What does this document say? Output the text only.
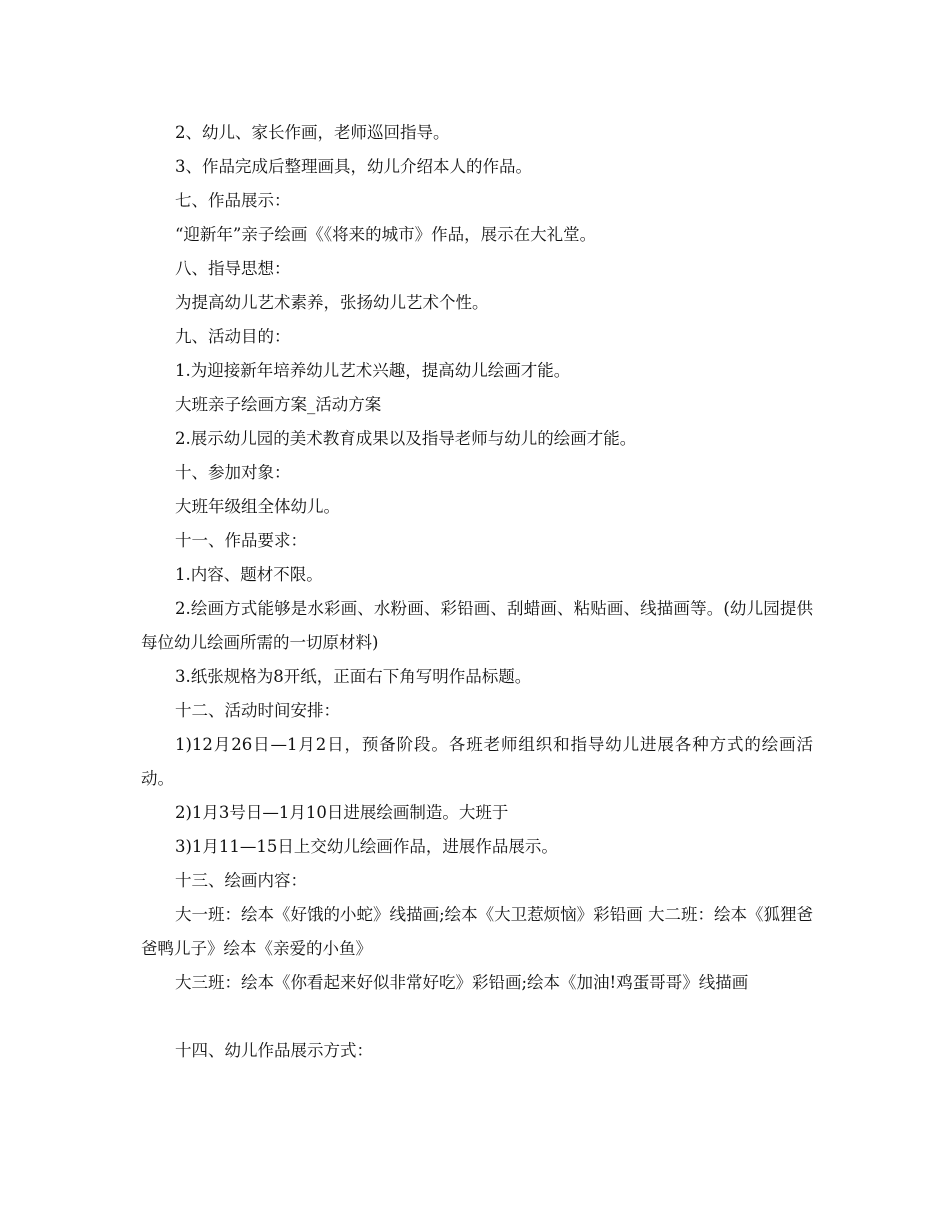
2、幼儿、家长作画，老师巡回指导。

3、作品完成后整理画具，幼儿介绍本人的作品。

七、作品展示：

“迎新年”亲子绘画《《将来的城市》作品，展示在大礼堂。

八、指导思想：

为提高幼儿艺术素养，张扬幼儿艺术个性。

九、活动目的：

1.为迎接新年培养幼儿艺术兴趣，提高幼儿绘画才能。

大班亲子绘画方案_活动方案

2.展示幼儿园的美术教育成果以及指导老师与幼儿的绘画才能。

十、参加对象：

大班年级组全体幼儿。

十一、作品要求：

1.内容、题材不限。

2.绘画方式能够是水彩画、水粉画、彩铅画、刮蜡画、粘贴画、线描画等。(幼儿园提供每位幼儿绘画所需的一切原材料)

3.纸张规格为8开纸，正面右下角写明作品标题。

十二、活动时间安排：

1)12月26日—1月2日，预备阶段。各班老师组织和指导幼儿进展各种方式的绘画活动。

2)1月3号日—1月10日进展绘画制造。大班于

3)1月11—15日上交幼儿绘画作品，进展作品展示。

十三、绘画内容：

大一班：绘本《好饿的小蛇》线描画;绘本《大卫惹烦恼》彩铅画 大二班：绘本《狐狸爸爸鸭儿子》绘本《亲爱的小鱼》

大三班：绘本《你看起来好似非常好吃》彩铅画;绘本《加油!鸡蛋哥哥》线描画

十四、幼儿作品展示方式：
